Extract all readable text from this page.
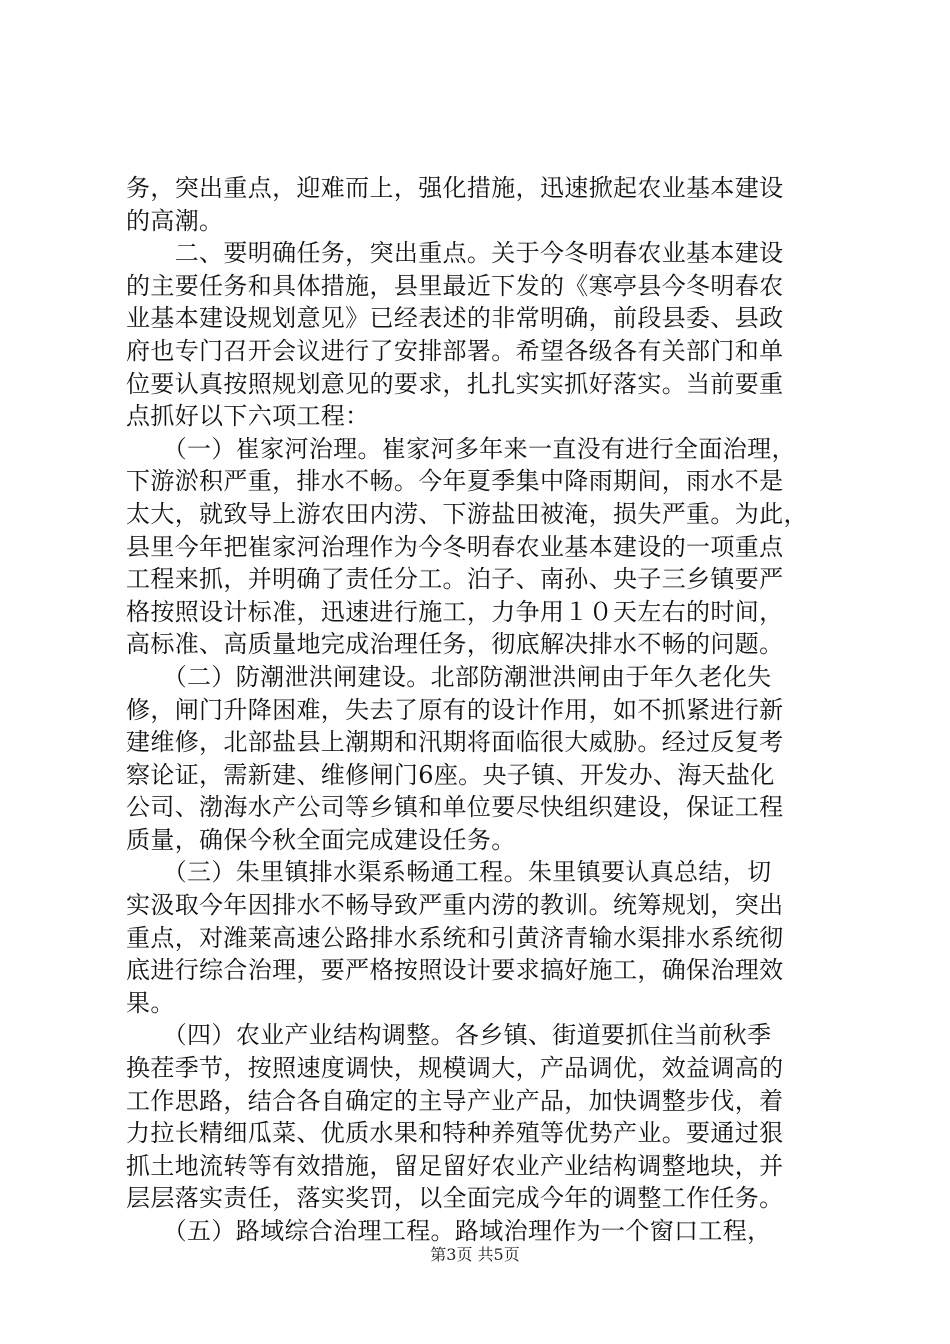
务，突出重点，迎难而上，强化措施，迅速掀起农业基本建设
的高潮。
　　二、要明确任务，突出重点。关于今冬明春农业基本建设
的主要任务和具体措施，县里最近下发的《寒亭县今冬明春农
业基本建设规划意见》已经表述的非常明确，前段县委、县政
府也专门召开会议进行了安排部署。希望各级各有关部门和单
位要认真按照规划意见的要求，扎扎实实抓好落实。当前要重
点抓好以下六项工程：
　　（一）崔家河治理。崔家河多年来一直没有进行全面治理，
下游淤积严重，排水不畅。今年夏季集中降雨期间，雨水不是
太大，就致导上游农田内涝、下游盐田被淹，损失严重。为此，
县里今年把崔家河治理作为今冬明春农业基本建设的一项重点
工程来抓，并明确了责任分工。泊子、南孙、央子三乡镇要严
格按照设计标准，迅速进行施工，力争用１０天左右的时间，
高标准、高质量地完成治理任务，彻底解决排水不畅的问题。
　　（二）防潮泄洪闸建设。北部防潮泄洪闸由于年久老化失
修，闸门升降困难，失去了原有的设计作用，如不抓紧进行新
建维修，北部盐县上潮期和汛期将面临很大威胁。经过反复考
察论证，需新建、维修闸门6座。央子镇、开发办、海天盐化
公司、渤海水产公司等乡镇和单位要尽快组织建设，保证工程
质量，确保今秋全面完成建设任务。
　　（三）朱里镇排水渠系畅通工程。朱里镇要认真总结，切
实汲取今年因排水不畅导致严重内涝的教训。统筹规划，突出
重点，对潍莱高速公路排水系统和引黄济青输水渠排水系统彻
底进行综合治理，要严格按照设计要求搞好施工，确保治理效
果。
　　（四）农业产业结构调整。各乡镇、街道要抓住当前秋季
换茬季节，按照速度调快，规模调大，产品调优，效益调高的
工作思路，结合各自确定的主导产业产品，加快调整步伐，着
力拉长精细瓜菜、优质水果和特种养殖等优势产业。要通过狠
抓土地流转等有效措施，留足留好农业产业结构调整地块，并
层层落实责任，落实奖罚，以全面完成今年的调整工作任务。
　　（五）路域综合治理工程。路域治理作为一个窗口工程，
第3页 共5页
